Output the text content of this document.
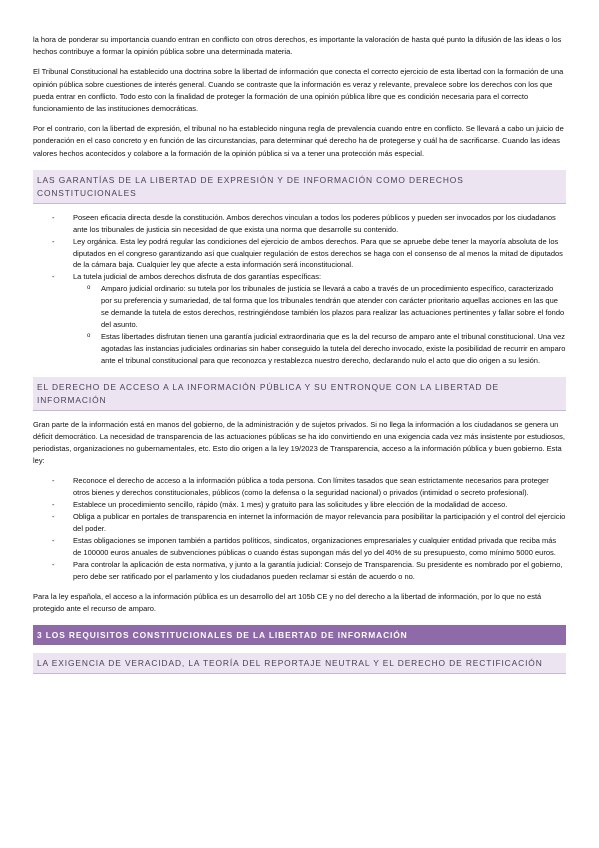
la hora de ponderar su importancia cuando entran en conflicto con otros derechos, es importante la valoración de hasta qué punto la difusión de las ideas o los hechos contribuye a formar la opinión pública sobre una determinada materia.

El Tribunal Constitucional ha establecido una doctrina sobre la libertad de información que conecta el correcto ejercicio de esta libertad con la formación de una opinión pública sobre cuestiones de interés general. Cuando se contraste que la información es veraz y relevante, prevalece sobre los derechos con los que pueda entrar en conflicto. Todo esto con la finalidad de proteger la formación de una opinión pública libre que es condición necesaria para el correcto funcionamiento de las instituciones democráticas.

Por el contrario, con la libertad de expresión, el tribunal no ha establecido ninguna regla de prevalencia cuando entre en conflicto. Se llevará a cabo un juicio de ponderación en el caso concreto y en función de las circunstancias, para determinar qué derecho ha de protegerse y cuál ha de sacrificarse. Cuando las ideas valores hechos acontecidos y colabore a la formación de la opinión pública si va a tener una protección más especial.

LAS GARANTÍAS DE LA LIBERTAD DE EXPRESIÓN Y DE INFORMACIÓN COMO DERECHOS CONSTITUCIONALES
- Poseen eficacia directa desde la constitución. Ambos derechos vinculan a todos los poderes públicos y pueden ser invocados por los ciudadanos ante los tribunales de justicia sin necesidad de que exista una norma que desarrolle su contenido.
- Ley orgánica. Esta ley podrá regular las condiciones del ejercicio de ambos derechos. Para que se apruebe debe tener la mayoría absoluta de los diputados en el congreso garantizando así que cualquier regulación de estos derechos se haga con el consenso de al menos la mitad de diputados de la cámara baja. Cualquier ley que afecte a esta información será inconstitucional.
- La tutela judicial de ambos derechos disfruta de dos garantías específicas:
o Amparo judicial ordinario: su tutela por los tribunales de justicia se llevará a cabo a través de un procedimiento específico, caracterizado por su preferencia y sumariedad, de tal forma que los tribunales tendrán que atender con carácter prioritario aquellas acciones en las que se demande la tutela de estos derechos, restringiéndose también los plazos para realizar las actuaciones pertinentes y fallar sobre el fondo del asunto.
o Estas libertades disfrutan tienen una garantía judicial extraordinaria que es la del recurso de amparo ante el tribunal constitucional. Una vez agotadas las instancias judiciales ordinarias sin haber conseguido la tutela del derecho invocado, existe la posibilidad de recurrir en amparo ante el tribunal constitucional para que reconozca y restablezca nuestro derecho, declarando nulo el acto que dio origen a su lesión.
EL DERECHO DE ACCESO A LA INFORMACIÓN PÚBLICA Y SU ENTRONQUE CON LA LIBERTAD DE INFORMACIÓN

Gran parte de la información está en manos del gobierno, de la administración y de sujetos privados. Si no llega la información a los ciudadanos se genera un déficit democrático. La necesidad de transparencia de las actuaciones públicas se ha ido convirtiendo en una exigencia cada vez más insistente por estudiosos, periodistas, organizaciones no gubernamentales, etc. Esto dio origen a la ley 19/2023 de Transparencia, acceso a la información pública y buen gobierno. Esta ley:

- Reconoce el derecho de acceso a la información pública a toda persona. Con límites tasados que sean estrictamente necesarios para proteger otros bienes y derechos constitucionales, públicos (como la defensa o la seguridad nacional) o privados (intimidad o secreto profesional).
- Establece un procedimiento sencillo, rápido (máx. 1 mes) y gratuito para las solicitudes y libre elección de la modalidad de acceso.
- Obliga a publicar en portales de transparencia en internet la información de mayor relevancia para posibilitar la participación y el control del ejercicio del poder.
- Estas obligaciones se imponen también a partidos políticos, sindicatos, organizaciones empresariales y cualquier entidad privada que reciba más de 100000 euros anuales de subvenciones públicas o cuando éstas supongan más del yo del 40% de su presupuesto, como mínimo 5000 euros.
- Para controlar la aplicación de esta normativa, y junto a la garantía judicial: Consejo de Transparencia. Su presidente es nombrado por el gobierno, pero debe ser ratificado por el parlamento y los ciudadanos pueden reclamar si están de acuerdo o no.

Para la ley española, el acceso a la información pública es un desarrollo del art 105b CE y no del derecho a la libertad de información, por lo que no está protegido ante el recurso de amparo.

3 LOS REQUISITOS CONSTITUCIONALES DE LA LIBERTAD DE INFORMACIÓN
LA EXIGENCIA DE VERACIDAD, LA TEORÍA DEL REPORTAJE NEUTRAL Y EL DERECHO DE RECTIFICACIÓN
